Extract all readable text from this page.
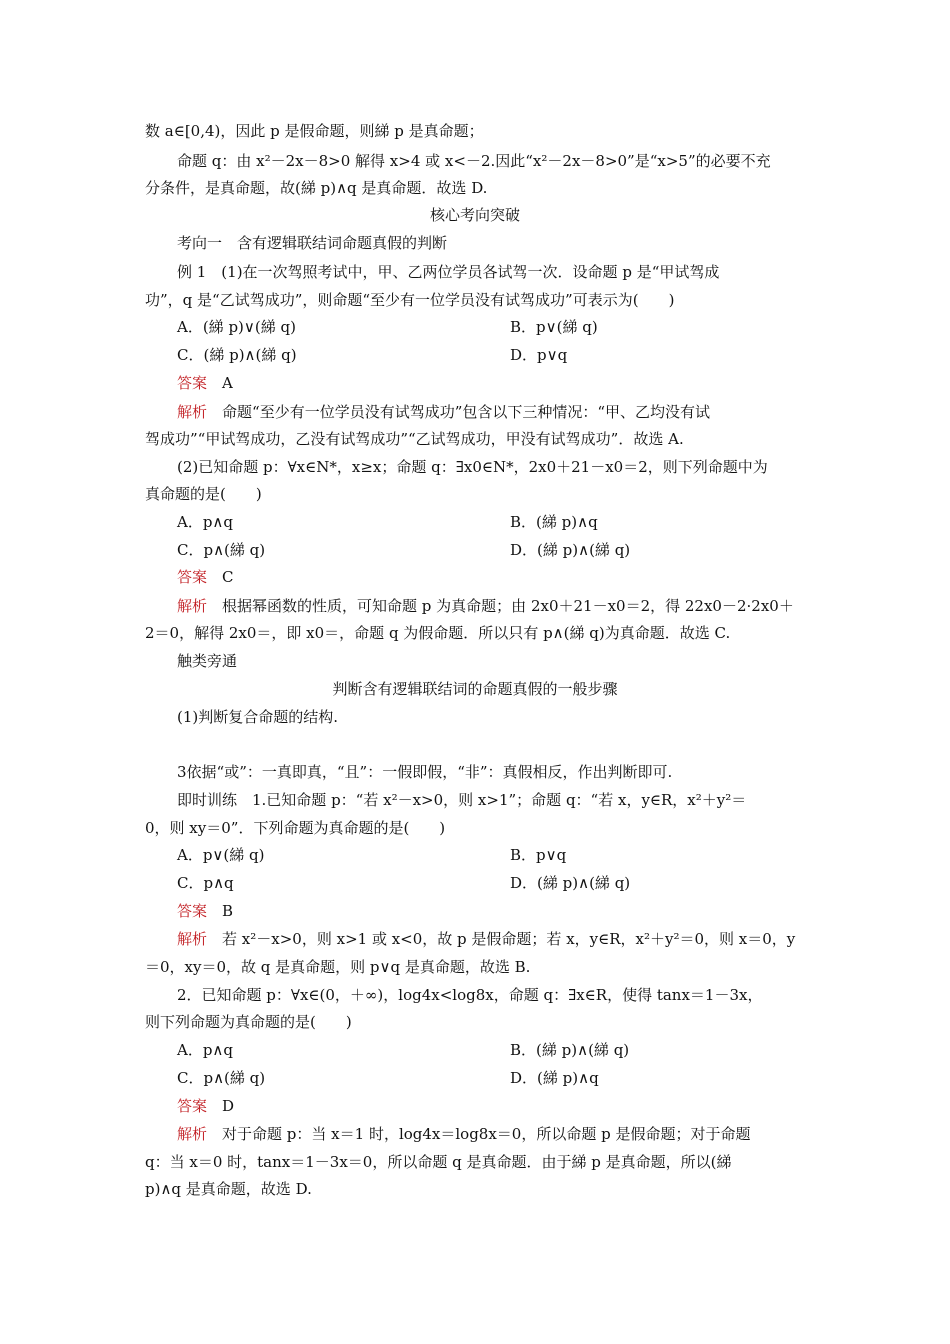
数 a∈[0,4)，因此 p 是假命题，则綈 p 是真命题；
命题 q：由 x²－2x－8>0 解得 x>4 或 x<－2.因此“x²－2x－8>0”是“x>5”的必要不充
分条件，是真命题，故(綈 p)∧q 是真命题．故选 D.
核心考向突破
考向一　含有逻辑联结词命题真假的判断
例 1　(1)在一次驾照考试中，甲、乙两位学员各试驾一次．设命题 p 是“甲试驾成
功”，q 是“乙试驾成功”，则命题“至少有一位学员没有试驾成功”可表示为(　　)
A．(綈 p)∨(綈 q)	B．p∨(綈 q)
C．(綈 p)∧(綈 q)	D．p∨q
答案　 A
解析　 命题“至少有一位学员没有试驾成功”包含以下三种情况：“甲、乙均没有试
驾成功”“甲试驾成功，乙没有试驾成功”“乙试驾成功，甲没有试驾成功”．故选 A.
(2)已知命题 p：∀x∈N*，x≥x；命题 q：∃x0∈N*，2x0＋21－x0＝2，则下列命题中为
真命题的是(　　)
A．p∧q	B．(綈 p)∧q
C．p∧(綈 q)	D．(綈 p)∧(綈 q)
答案　 C
解析　 根据幂函数的性质，可知命题 p 为真命题；由 2x0＋21－x0＝2，得 22x0－2·2x0＋
2＝0，解得 2x0＝，即 x0＝，命题 q 为假命题．所以只有 p∧(綈 q)为真命题．故选 C.
触类旁通
判断含有逻辑联结词的命题真假的一般步骤
(1)判断复合命题的结构.
3依据“或”：一真即真，“且”：一假即假，“非”：真假相反，作出判断即可.
即时训练　1.已知命题 p：“若 x²－x>0，则 x>1”；命题 q：“若 x，y∈R，x²＋y²＝
0，则 xy＝0”．下列命题为真命题的是(　　)
A．p∨(綈 q)	B．p∨q
C．p∧q	D．(綈 p)∧(綈 q)
答案　 B
解析　 若 x²－x>0，则 x>1 或 x<0，故 p 是假命题；若 x，y∈R，x²＋y²＝0，则 x＝0，y
＝0，xy＝0，故 q 是真命题，则 p∨q 是真命题，故选 B.
2．已知命题 p：∀x∈(0，＋∞)，log4x<log8x，命题 q：∃x∈R，使得 tanx＝1－3x，
则下列命题为真命题的是(　　)
A．p∧q	B．(綈 p)∧(綈 q)
C．p∧(綈 q)	D．(綈 p)∧q
答案　 D
解析　 对于命题 p：当 x＝1 时，log4x＝log8x＝0，所以命题 p 是假命题；对于命题
q：当 x＝0 时，tanx＝1－3x＝0，所以命题 q 是真命题．由于綈 p 是真命题，所以(綈
p)∧q 是真命题，故选 D.
